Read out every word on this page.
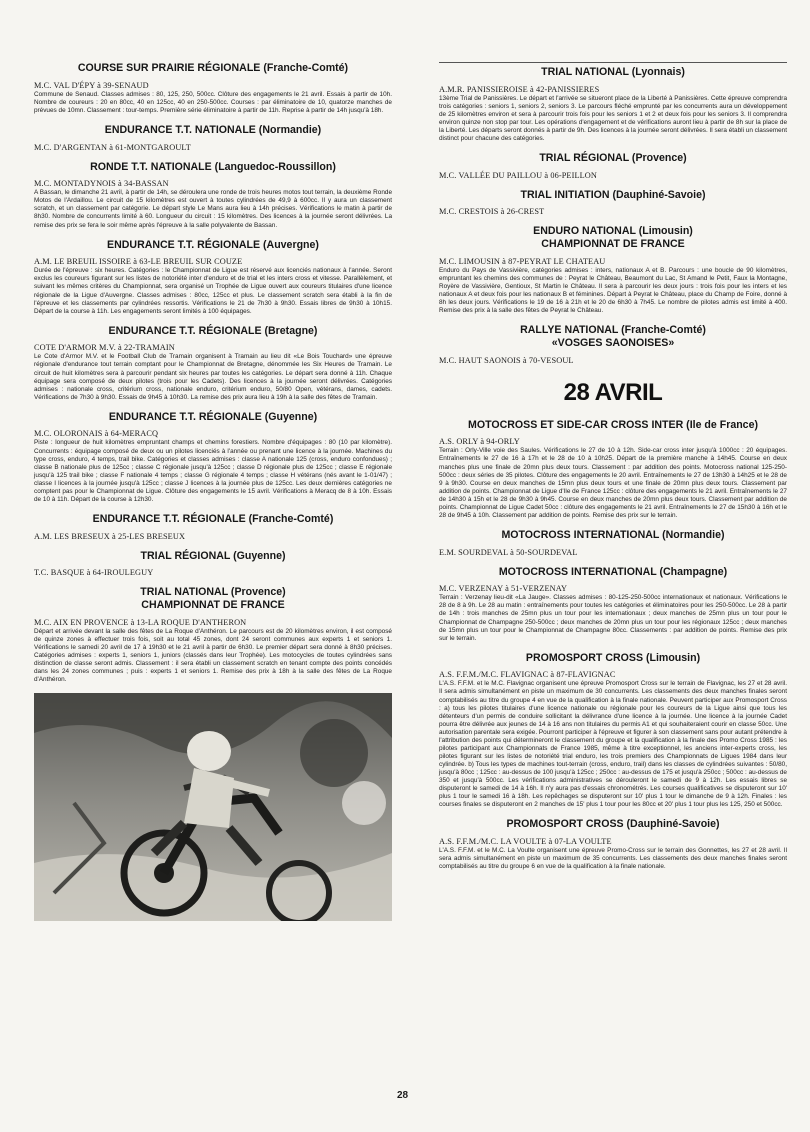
COURSE SUR PRAIRIE RÉGIONALE (Franche-Comté)
M.C. VAL D'ÉPY à 39-SENAUD

Commune de Senaud. Classes admises : 80, 125, 250, 500cc. Clôture des engagements le 21 avril. Essais à partir de 10h. Nombre de coureurs : 20 en 80cc, 40 en 125cc, 40 en 250-500cc. Courses : par éliminatoire de 10, quatorze manches de prévues de 10mn. Classement : tour-temps. Première série éliminatoire à partir de 11h. Reprise à partir de 14h jusqu'à 18h.

ENDURANCE T.T. NATIONALE (Normandie)
M.C. D'ARGENTAN à 61-MONTGAROULT
RONDE T.T. NATIONALE (Languedoc-Roussillon)
M.C. MONTADYNOIS à 34-BASSAN

A Bassan, le dimanche 21 avril, à partir de 14h, se déroulera une ronde de trois heures motos tout terrain, la deuxième Ronde Motos de l'Ardaillou. Le circuit de 15 kilomètres est ouvert à toutes cylindrées de 49,9 à 600cc. Il y aura un classement scratch, et un classement par catégorie. Le départ style Le Mans aura lieu à 14h précises. Vérifications le matin à partir de 8h30. Nombre de concurrents limité à 60. Longueur du circuit : 15 kilomètres. Des licences à la journée seront délivrées. La remise des prix se fera le soir même après l'épreuve à la salle polyvalente de Bassan.

ENDURANCE T.T. RÉGIONALE (Auvergne)
A.M. LE BREUIL ISSOIRE à 63-LE BREUIL SUR COUZE

Durée de l'épreuve : six heures. Catégories : le Championnat de Ligue est réservé aux licenciés nationaux à l'année. Seront exclus les coureurs figurant sur les listes de notoriété inter d'enduro et de trial et les inters cross et vitesse. Parallèlement, et suivant les mêmes critères du Championnat, sera organisé un Trophée de Ligue ouvert aux coureurs titulaires d'une licence régionale de la Ligue d'Auvergne. Classes admises : 80cc, 125cc et plus. Le classement scratch sera établi à la fin de l'épreuve et les classements par cylindrées ressortis. Vérifications le 21 de 7h30 à 9h30. Essais libres de 9h30 à 10h15. Départ de la course à 11h. Les engagements seront limités à 100 équipages.

ENDURANCE T.T. RÉGIONALE (Bretagne)
COTE D'ARMOR M.V. à 22-TRAMAIN

Le Cote d'Armor M.V. et le Football Club de Tramain organisent à Tramain au lieu dit «Le Bois Touchard» une épreuve régionale d'endurance tout terrain comptant pour le Championnat de Bretagne, dénommée les Six Heures de Tramain. Le circuit de huit kilomètres sera à parcourir pendant six heures par toutes les catégories. Le départ sera donné à 11h. Chaque équipage sera composé de deux pilotes (trois pour les Cadets). Des licences à la journée seront délivrées. Catégories admises : nationale cross, critérium cross, nationale enduro, critérium enduro, 50/80 Open, vétérans, dames, cadets. Vérifications de 7h30 à 9h30. Essais de 9h45 à 10h30. La remise des prix aura lieu à 19h à la salle des fêtes de Tramain.

ENDURANCE T.T. RÉGIONALE (Guyenne)
M.C. OLORONAIS à 64-MERACQ

Piste : longueur de huit kilomètres empruntant champs et chemins forestiers. Nombre d'équipages : 80 (10 par kilomètre). Concurrents : équipage composé de deux ou un pilotes licenciés à l'année ou prenant une licence à la journée. Machines du type cross, enduro, 4 temps, trail bike. Catégories et classes admises : classe A nationale 125 (cross, enduro confondues) ; classe B nationale plus de 125cc ; classe C régionale jusqu'à 125cc ; classe D régionale plus de 125cc ; classe E régionale jusqu'à 125 trail bike ; classe F nationale 4 temps ; classe G régionale 4 temps ; classe H vétérans (nés avant le 1-01/47) ; classe I licences à la journée jusqu'à 125cc ; classe J licences à la journée plus de 125cc. Les deux dernières catégories ne comptent pas pour le Championnat de Ligue. Clôture des engagements le 15 avril. Vérifications à Meracq de 8 à 10h. Essais de 10 à 11h. Départ de la course à 12h30.

ENDURANCE T.T. RÉGIONALE (Franche-Comté)
A.M. LES BRESEUX à 25-LES BRESEUX
TRIAL RÉGIONAL (Guyenne)
T.C. BASQUE à 64-IROULEGUY
TRIAL NATIONAL (Provence)
CHAMPIONNAT DE FRANCE
M.C. AIX EN PROVENCE à 13-LA ROQUE D'ANTHERON

Départ et arrivée devant la salle des fêtes de La Roque d'Anthéron. Le parcours est de 20 kilomètres environ, il est composé de quinze zones à effectuer trois fois, soit au total 45 zones, dont 24 seront communes aux experts 1 et seniors 1. Vérifications le samedi 20 avril de 17 à 19h30 et le 21 avril à partir de 6h30. Le premier départ sera donné à 8h30 précises. Catégories admises : experts 1, seniors 1, juniors (classés dans leur Trophée). Les motocycles de toutes cylindrées sans distinction de classe seront admis. Classement : il sera établi un classement scratch en tenant compte des points concédés dans les 24 zones communes ; puis : experts 1 et seniors 1. Remise des prix à 18h à la salle des fêtes de La Roque d'Anthéron.

TRIAL NATIONAL (Lyonnais)
A.M.R. PANISSIEROISE à 42-PANISSIERES

13ème Trial de Panissières. Le départ et l'arrivée se situeront place de la Liberté à Panissières. Cette épreuve comprendra trois catégories : seniors 1, seniors 2, seniors 3. Le parcours fléché emprunté par les concurrents aura un développement de 25 kilomètres environ et sera à parcourir trois fois pour les seniors 1 et 2 et deux fois pour les seniors 3. Il comprendra environ quinze non stop par tour. Les opérations d'engagement et de vérifications auront lieu à partir de 8h sur la place de la Liberté. Les départs seront donnés à partir de 9h. Des licences à la journée seront délivrées. Il sera établi un classement distinct pour chacune des catégories.

TRIAL RÉGIONAL (Provence)
M.C. VALLÉE DU PAILLOU à 06-PEILLON
TRIAL INITIATION (Dauphiné-Savoie)
M.C. CRESTOIS à 26-CREST
ENDURO NATIONAL (Limousin)
CHAMPIONNAT DE FRANCE
M.C. LIMOUSIN à 87-PEYRAT LE CHATEAU

Enduro du Pays de Vassivière, catégories admises : inters, nationaux A et B. Parcours : une boucle de 90 kilomètres, empruntant les chemins des communes de : Peyrat le Château, Beaumont du Lac, St Amand le Petit, Faux la Montagne, Royère de Vassivière, Gentioux, St Martin le Château. Il sera à parcourir les deux jours : trois fois pour les inters et les nationaux A et deux fois pour les nationaux B et féminines. Départ à Peyrat le Château, place du Champ de Foire, donné à 8h les deux jours. Vérifications le 19 de 16 à 21h et le 20 de 6h30 à 7h45. Le nombre de pilotes admis est limité à 400. Remise des prix à la salle des fêtes de Peyrat le Château.

RALLYE NATIONAL (Franche-Comté)
«VOSGES SAONOISES»
M.C. HAUT SAONOIS à 70-VESOUL
28 AVRIL
MOTOCROSS ET SIDE-CAR CROSS INTER (Ile de France)
A.S. ORLY à 94-ORLY

Terrain : Orly-Ville voie des Saules. Vérifications le 27 de 10 à 12h. Side-car cross inter jusqu'à 1000cc : 20 équipages. Entraînements le 27 de 16 à 17h et le 28 de 10 à 10h25. Départ de la première manche à 14h45. Course en deux manches plus une finale de 20mn plus deux tours. Classement : par addition des points. Motocross national 125-250-500cc : deux séries de 35 pilotes. Clôture des engagements le 20 avril. Entraînements le 27 de 13h30 à 14h25 et le 28 de 9 à 9h30. Course en deux manches de 15mn plus deux tours et une finale de 20mn plus deux tours. Classement par addition de points. Championnat de Ligue d'Ile de France 125cc : clôture des engagements le 21 avril. Entraînements le 27 de 14h30 à 15h et le 28 de 9h30 à 9h45. Course en deux manches de 20mn plus deux tours. Classement par addition de points. Championnat de Ligue Cadet 50cc : clôture des engagements le 21 avril. Entraînements le 27 de 15h30 à 16h et le 28 de 9h45 à 10h. Classement par addition de points. Remise des prix sur le terrain.

MOTOCROSS INTERNATIONAL (Normandie)
E.M. SOURDEVAL à 50-SOURDEVAL
MOTOCROSS INTERNATIONAL (Champagne)
M.C. VERZENAY à 51-VERZENAY

Terrain : Verzenay lieu-dit «La Jauge». Classes admises : 80-125-250-500cc internationaux et nationaux. Vérifications le 28 de 8 à 9h. Le 28 au matin : entraînements pour toutes les catégories et éliminatoires pour les 250-500cc. Le 28 à partir de 14h : trois manches de 25mn plus un tour pour les internationaux ; deux manches de 25mn plus un tour pour le Championnat de Champagne 250-500cc ; deux manches de 20mn plus un tour pour les régionaux 125cc ; deux manches de 15mn plus un tour pour le Championnat de Champagne 80cc. Classements : par addition de points. Remise des prix sur le terrain.

PROMOSPORT CROSS (Limousin)
A.S. F.F.M./M.C. FLAVIGNAC à 87-FLAVIGNAC

L'A.S. F.F.M. et le M.C. Flavignac organisent une épreuve Promosport Cross sur le terrain de Flavignac, les 27 et 28 avril. Il sera admis simultanément en piste un maximum de 30 concurrents. Les classements des deux manches finales seront comptabilisés au titre du groupe 4 en vue de la qualification à la finale nationale. Peuvent participer aux Promosport Cross : a) tous les pilotes titulaires d'une licence nationale ou régionale pour les coureurs de la Ligue ainsi que tous les détenteurs d'un permis de conduire sollicitant la délivrance d'une licence à la journée. Une licence à la journée Cadet pourra être délivrée aux jeunes de 14 à 16 ans non titulaires du permis A1 et qui souhaiteraient courir en classe 50cc. Une autorisation parentale sera exigée. Pourront participer à l'épreuve et figurer à son classement sans pour autant prétendre à l'attribution des points qui détermineront le classement du groupe et la qualification à la finale des Promo Cross 1985 : les pilotes participant aux Championnats de France 1985, même à titre exceptionnel, les anciens inter-experts cross, les pilotes figurant sur les listes de notoriété trial enduro, les trois premiers des Championnats de Ligues 1984 dans leur cylindrée. b) Tous les types de machines tout-terrain (cross, enduro, trail) dans les classes de cylindrées suivantes : 50/80, jusqu'à 80cc ; 125cc : au-dessus de 100 jusqu'à 125cc ; 250cc : au-dessus de 175 et jusqu'à 250cc ; 500cc : au-dessus de 350 et jusqu'à 500cc. Les vérifications administratives se dérouleront le samedi de 9 à 12h. Les essais libres se disputeront le samedi de 14 à 16h. Il n'y aura pas d'essais chronométrés. Les courses qualificatives se disputeront sur 10' plus 1 tour le samedi 16 à 18h. Les repêchages se disputeront sur 10' plus 1 tour le dimanche de 9 à 12h. Finales : les courses finales se disputeront en 2 manches de 15' plus 1 tour pour les 80cc et 20' plus 1 tour plus les 125, 250 et 500cc.

PROMOSPORT CROSS (Dauphiné-Savoie)
A.S. F.F.M./M.C. LA VOULTE à 07-LA VOULTE

L'A.S. F.F.M. et le M.C. La Voulte organisent une épreuve Promo-Cross sur le terrain des Gonnettes, les 27 et 28 avril. Il sera admis simultanément en piste un maximum de 35 concurrents. Les classements des deux manches finales seront comptabilisés au titre du groupe 6 en vue de la qualification à la finale nationale.

28
